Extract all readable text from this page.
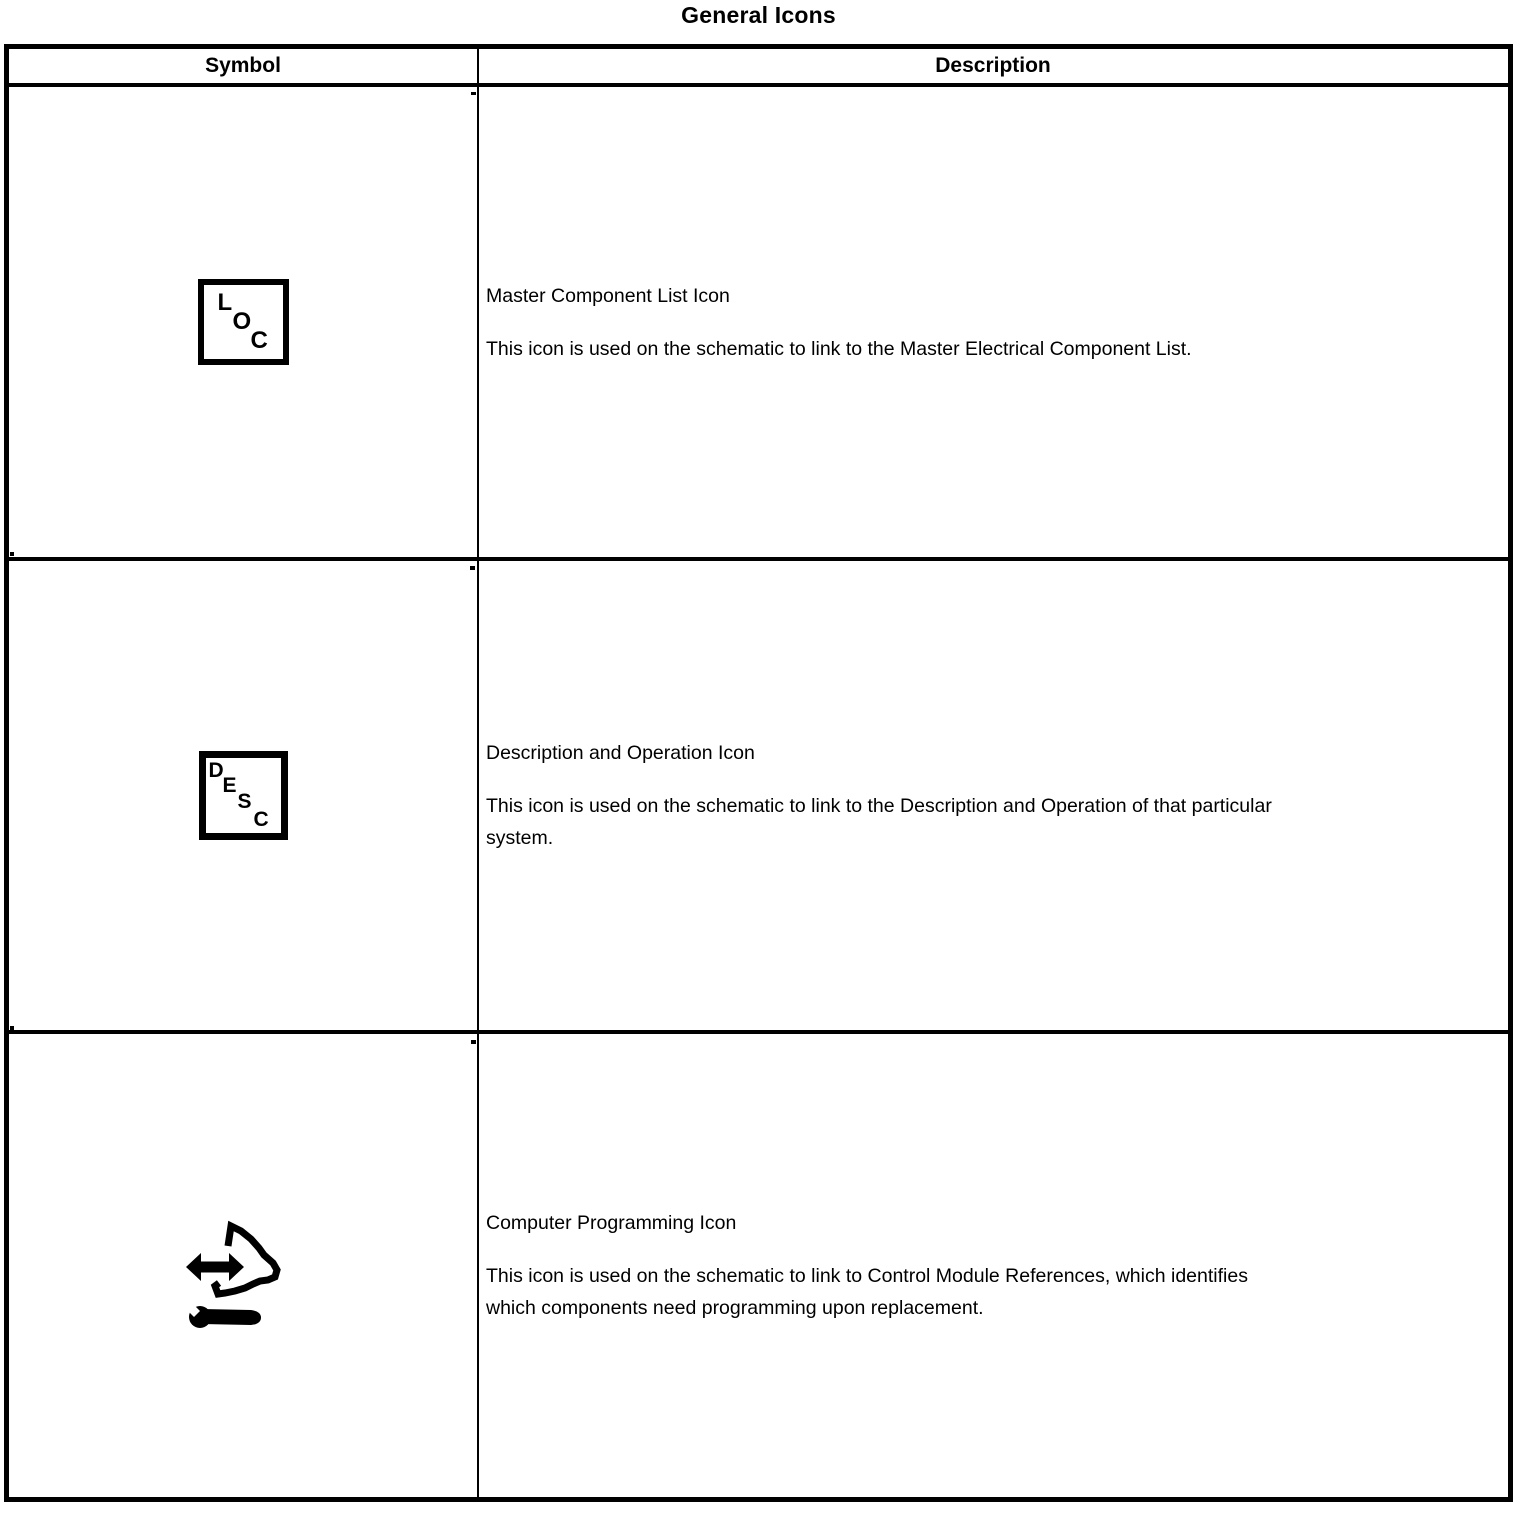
General Icons
Symbol	Description
L
O
C

Master Component List Icon

This icon is used on the schematic to link to the Master Electrical Component List.

D
E
S
C

Description and Operation Icon

This icon is used on the schematic to link to the Description and Operation of that particular
system.

Computer Programming Icon

This icon is used on the schematic to link to Control Module References, which identifies
which components need programming upon replacement.
